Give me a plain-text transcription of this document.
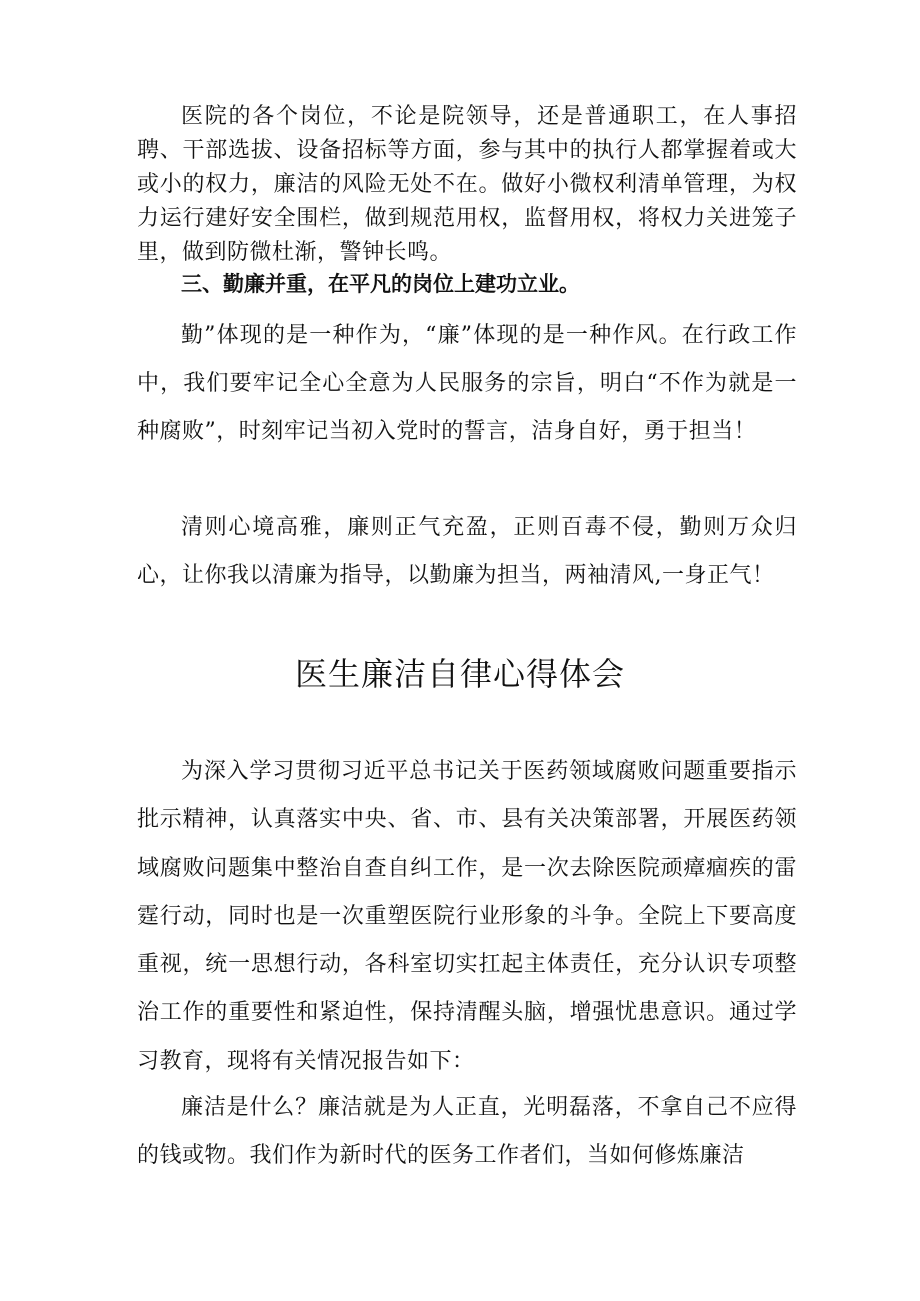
医院的各个岗位，不论是院领导，还是普通职工，在人事招聘、干部选拔、设备招标等方面，参与其中的执行人都掌握着或大或小的权力，廉洁的风险无处不在。做好小微权利清单管理，为权力运行建好安全围栏，做到规范用权，监督用权，将权力关进笼子里，做到防微杜渐，警钟长鸣。

三、勤廉并重，在平凡的岗位上建功立业。

勤”体现的是一种作为，“廉”体现的是一种作风。在行政工作中，我们要牢记全心全意为人民服务的宗旨，明白“不作为就是一种腐败”，时刻牢记当初入党时的誓言，洁身自好，勇于担当！

清则心境高雅，廉则正气充盈，正则百毒不侵，勤则万众归心，让你我以清廉为指导，以勤廉为担当，两袖清风,一身正气！

医生廉洁自律心得体会

为深入学习贯彻习近平总书记关于医药领域腐败问题重要指示批示精神，认真落实中央、省、市、县有关决策部署，开展医药领域腐败问题集中整治自查自纠工作，是一次去除医院顽瘴痼疾的雷霆行动，同时也是一次重塑医院行业形象的斗争。全院上下要高度重视，统一思想行动，各科室切实扛起主体责任，充分认识专项整治工作的重要性和紧迫性，保持清醒头脑，增强忧患意识。通过学习教育，现将有关情况报告如下：

廉洁是什么？廉洁就是为人正直，光明磊落，不拿自己不应得的钱或物。我们作为新时代的医务工作者们，当如何修炼廉洁
